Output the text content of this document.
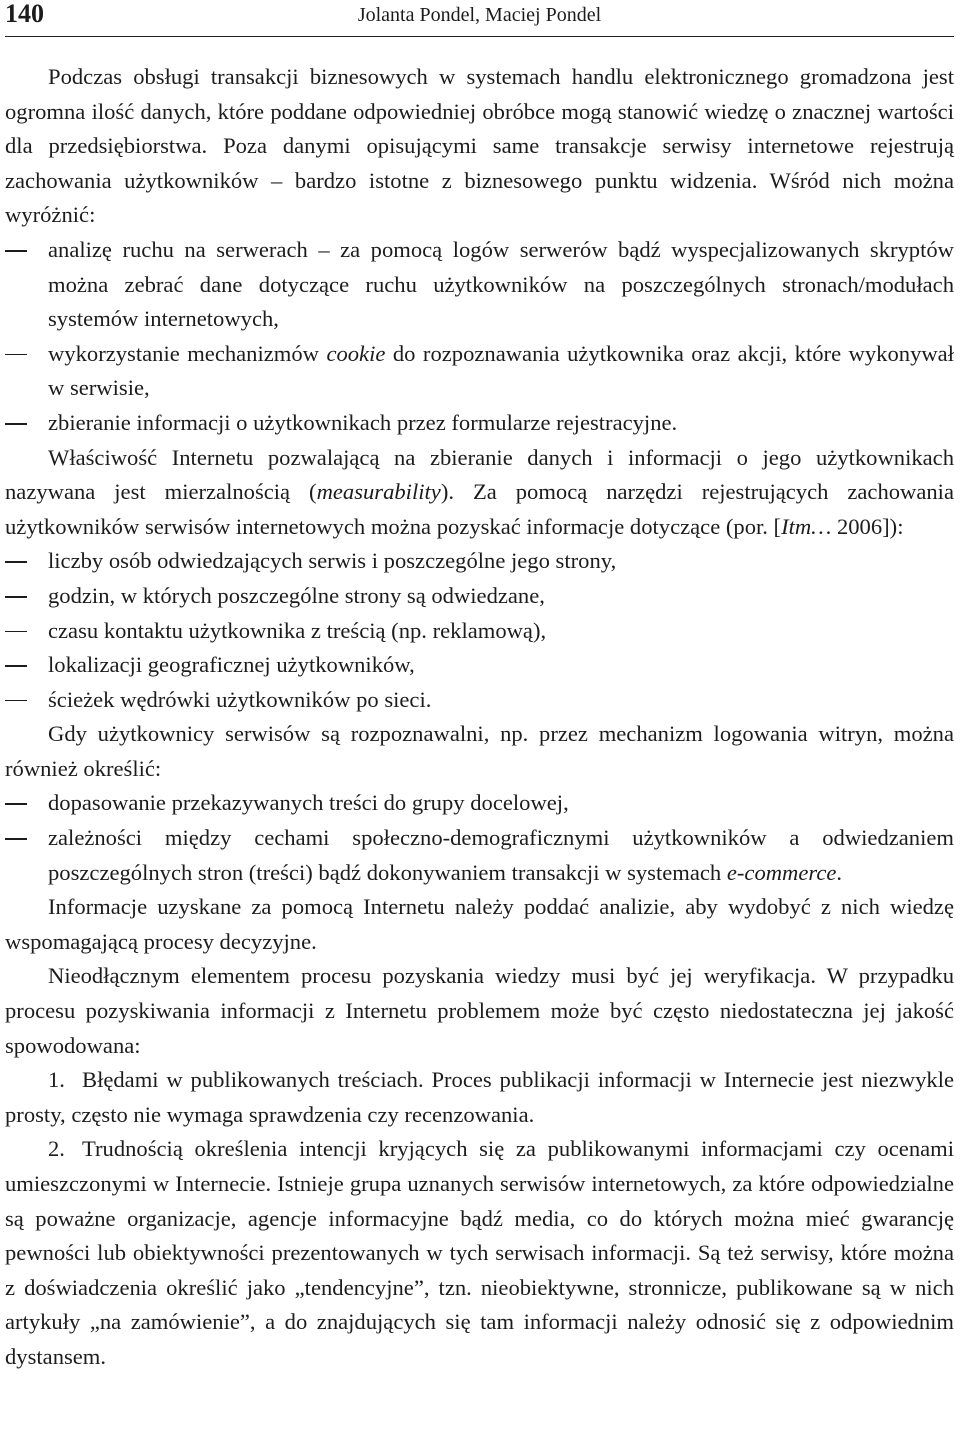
140	Jolanta Pondel, Maciej Pondel

Podczas obsługi transakcji biznesowych w systemach handlu elektronicznego gromadzona jest ogromna ilość danych, które poddane odpowiedniej obróbce mogą stanowić wiedzę o znacznej wartości dla przedsiębiorstwa. Poza danymi opisującymi same transakcje serwisy internetowe rejestrują zachowania użytkowników – bardzo istotne z biznesowego punktu widzenia. Wśród nich można wyróżnić:

analizę ruchu na serwerach – za pomocą logów serwerów bądź wyspecjalizowanych skryptów można zebrać dane dotyczące ruchu użytkowników na poszczególnych stronach/modułach systemów internetowych,
wykorzystanie mechanizmów cookie do rozpoznawania użytkownika oraz akcji, które wykonywał w serwisie,
zbieranie informacji o użytkownikach przez formularze rejestracyjne.

Właściwość Internetu pozwalającą na zbieranie danych i informacji o jego użytkownikach nazywana jest mierzalnością (measurability). Za pomocą narzędzi rejestrujących zachowania użytkowników serwisów internetowych można pozyskać informacje dotyczące (por. [Itm… 2006]):

liczby osób odwiedzających serwis i poszczególne jego strony,
godzin, w których poszczególne strony są odwiedzane,
czasu kontaktu użytkownika z treścią (np. reklamową),
lokalizacji geograficznej użytkowników,
ścieżek wędrówki użytkowników po sieci.

Gdy użytkownicy serwisów są rozpoznawalni, np. przez mechanizm logowania witryn, można również określić:

dopasowanie przekazywanych treści do grupy docelowej,
zależności między cechami społeczno-demograficznymi użytkowników a odwiedzaniem poszczególnych stron (treści) bądź dokonywaniem transakcji w systemach e-commerce.

Informacje uzyskane za pomocą Internetu należy poddać analizie, aby wydobyć z nich wiedzę wspomagającą procesy decyzyjne.

Nieodłącznym elementem procesu pozyskania wiedzy musi być jej weryfikacja. W przypadku procesu pozyskiwania informacji z Internetu problemem może być często niedostateczna jej jakość spowodowana:

1. Błędami w publikowanych treściach. Proces publikacji informacji w Internecie jest niezwykle prosty, często nie wymaga sprawdzenia czy recenzowania.

2. Trudnością określenia intencji kryjących się za publikowanymi informacjami czy ocenami umieszczonymi w Internecie. Istnieje grupa uznanych serwisów internetowych, za które odpowiedzialne są poważne organizacje, agencje informacyjne bądź media, co do których można mieć gwarancję pewności lub obiektywności prezentowanych w tych serwisach informacji. Są też serwisy, które można z doświadczenia określić jako „tendencyjne”, tzn. nieobiektywne, stronnicze, publikowane są w nich artykuły „na zamówienie”, a do znajdujących się tam informacji należy odnosić się z odpowiednim dystansem.
